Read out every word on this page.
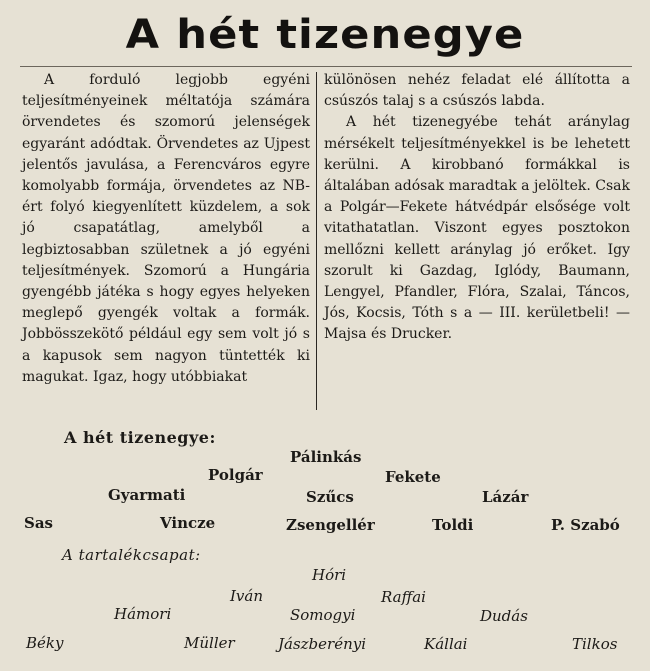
A hét tizenegye

A forduló legjobb egyéni teljesítményeinek méltatója számára örvendetes és szomorú jelenségek egyaránt adódtak. Örvendetes az Ujpest jelentős javulása, a Ferencváros egyre komolyabb formája, örvendetes az NB-ért folyó kiegyenlített küzdelem, a sok jó csapatátlag, amelyből a legbiztosabban születnek a jó egyéni teljesítmények. Szomorú a Hungária gyengébb játéka s hogy egyes helyeken meglepő gyengék voltak a formák. Jobbösszekötő például egy sem volt jó s a kapusok sem nagyon tüntették ki magukat. Igaz, hogy utóbbiakat

különösen nehéz feladat elé állította a csúszós talaj s a csúszós labda.

A hét tizenegyébe tehát aránylag mérsékelt teljesítményekkel is be lehetett kerülni. A kirobbanó formákkal is általában adósak maradtak a jelöltek. Csak a Polgár—Fekete hátvédpár elsősége volt vitathatatlan. Viszont egyes posztokon mellőzni kellett aránylag jó erőket. Igy szorult ki Gazdag, Iglódy, Baumann, Lengyel, Pfandler, Flóra, Szalai, Táncos, Jós, Kocsis, Tóth s a — III. kerületbeli! — Majsa és Drucker.

A hét tizenegye:
Pálinkás
Polgár	Fekete
Gyarmati	Szűcs	Lázár
Sas	Vincze	Zsengellér	Toldi	P. Szabó
A tartalékcsapat:
Hóri
Iván	Raffai
Hámori	Somogyi	Dudás
Béky	Müller	Jászberényi	Kállai	Tilkos
